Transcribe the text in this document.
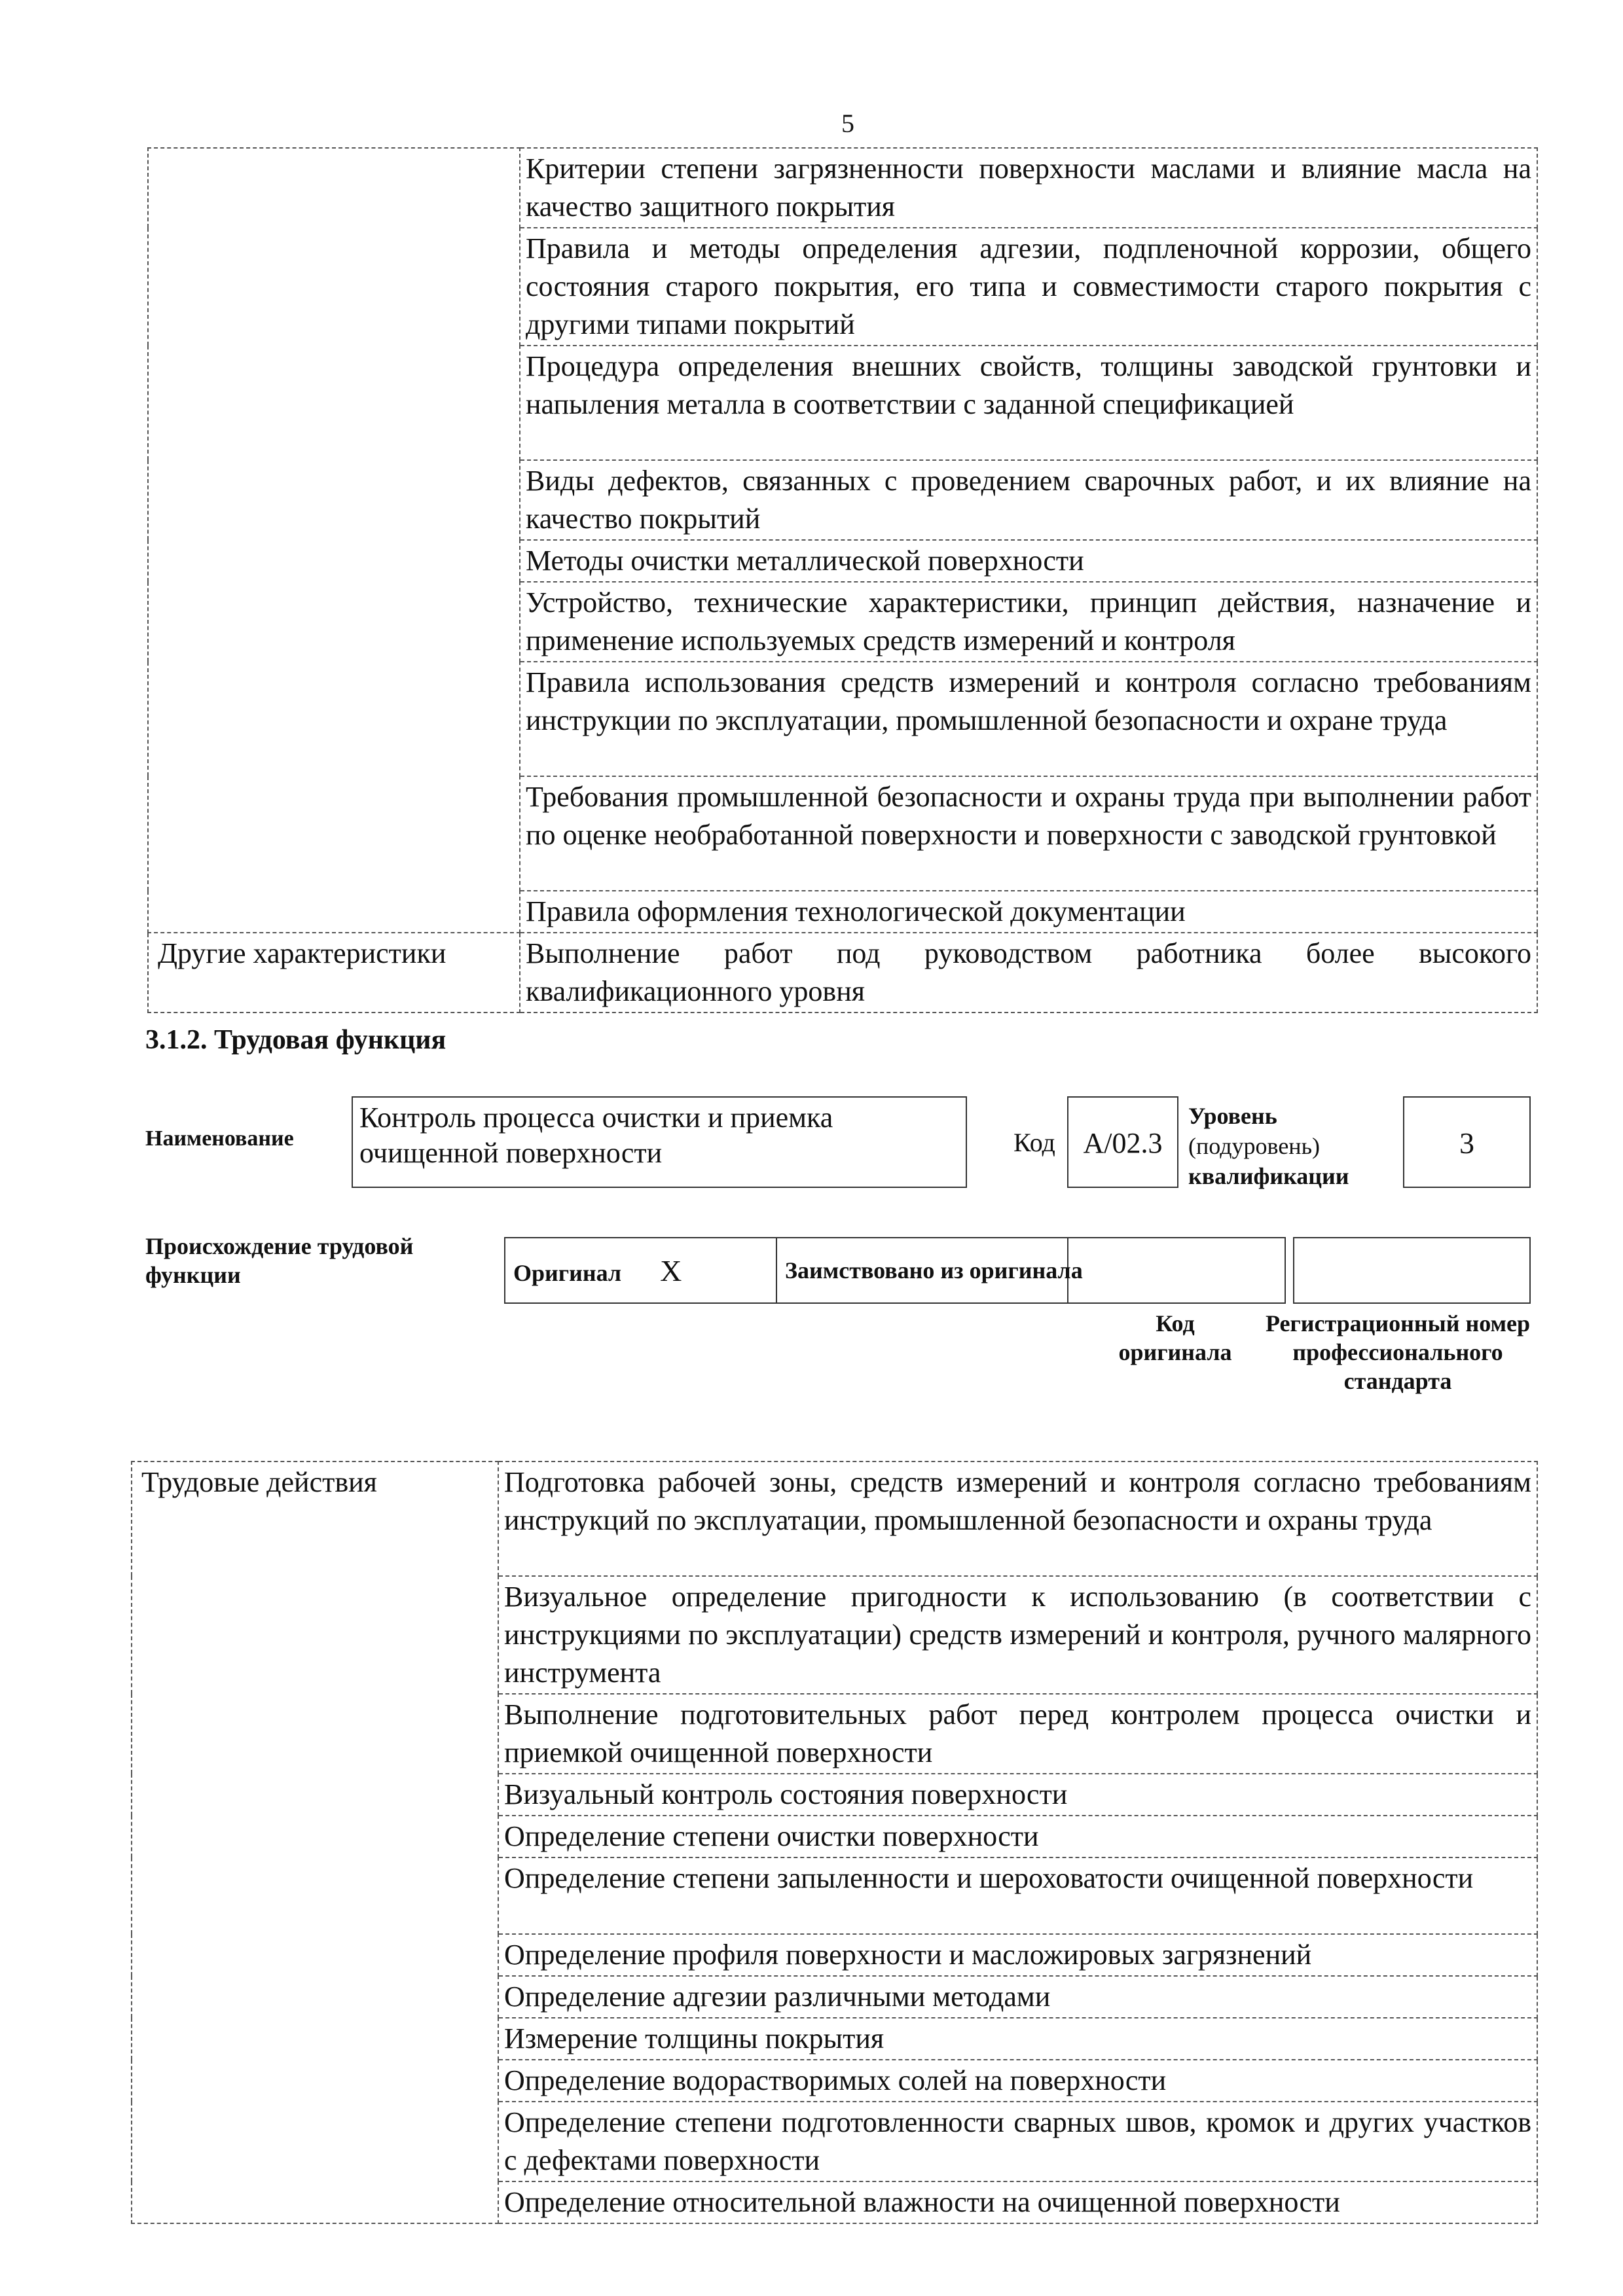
5
	Критерии степени загрязненности поверхности маслами и влияние масла на качество защитного покрытия
	Правила и методы определения адгезии, подпленочной коррозии, общего состояния старого покрытия, его типа и совместимости старого покрытия с другими типами покрытий
	Процедура определения внешних свойств, толщины заводской грунтовки и напыления металла в соответствии с заданной спецификацией
	Виды дефектов, связанных с проведением сварочных работ, и их влияние на качество покрытий
	Методы очистки металлической поверхности
	Устройство, технические характеристики, принцип действия, назначение и применение используемых средств измерений и контроля
	Правила использования средств измерений и контроля согласно требованиям инструкции по эксплуатации, промышленной безопасности и охране труда
	Требования промышленной безопасности и охраны труда при выполнении работ по оценке необработанной поверхности и поверхности с заводской грунтовкой
	Правила оформления технологической документации
Другие характеристики	Выполнение работ под руководством работника более высокого квалификационного уровня
3.1.2. Трудовая функция
Наименование
Контроль процесса очистки и приемка очищенной поверхности	Код А/02.3
Уровень
(подуровень)
квалификации
3
Происхождение трудовой функции	Оригинал X	Заимствовано из оригинала			
Код оригинала
Регистрационный номер профессионального стандарта
Трудовые действия	Подготовка рабочей зоны, средств измерений и контроля согласно требованиям инструкций по эксплуатации, промышленной безопасности и охраны труда
Визуальное определение пригодности к использованию (в соответствии с инструкциями по эксплуатации) средств измерений и контроля, ручного малярного инструмента
Выполнение подготовительных работ перед контролем процесса очистки и приемкой очищенной поверхности
Визуальный контроль состояния поверхности
Определение степени очистки поверхности
Определение степени запыленности и шероховатости очищенной поверхности
Определение профиля поверхности и масложировых загрязнений
Определение адгезии различными методами
Измерение толщины покрытия
Определение водорастворимых солей на поверхности
Определение степени подготовленности сварных швов, кромок и других участков с дефектами поверхности
Определение относительной влажности на очищенной поверхности
